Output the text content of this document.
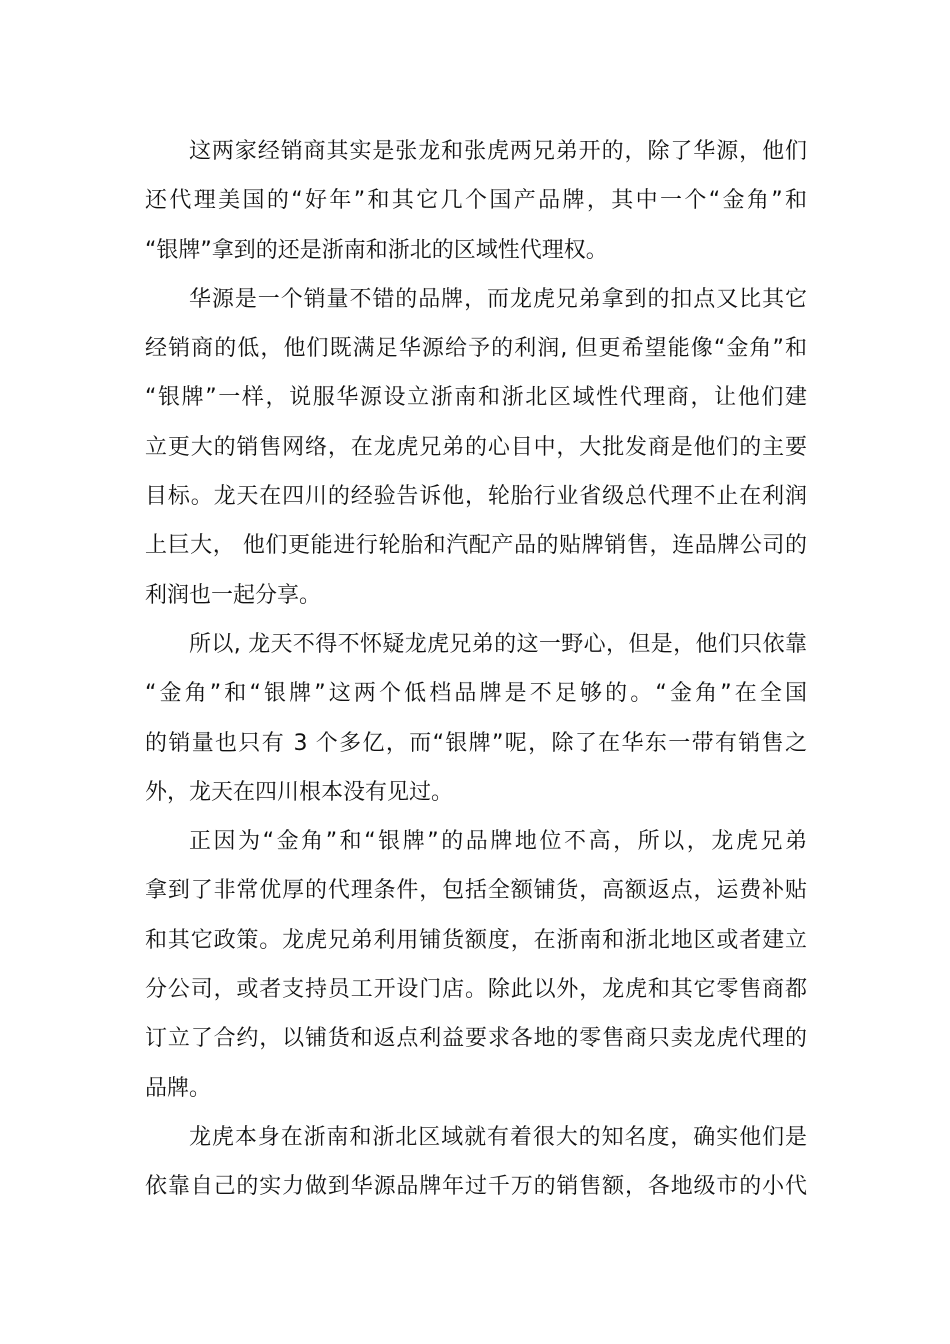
这两家经销商其实是张龙和张虎两兄弟开的，除了华源，他们
还代理美国的“好年”和其它几个国产品牌，其中一个“金角”和
“银牌”拿到的还是浙南和浙北的区域性代理权。
华源是一个销量不错的品牌，而龙虎兄弟拿到的扣点又比其它
经销商的低，他们既满足华源给予的利润, 但更希望能像“金角”和
“银牌”一样，说服华源设立浙南和浙北区域性代理商，让他们建
立更大的销售网络，在龙虎兄弟的心目中，大批发商是他们的主要
目标。龙天在四川的经验告诉他，轮胎行业省级总代理不止在利润
上巨大， 他们更能进行轮胎和汽配产品的贴牌销售，连品牌公司的
利润也一起分享。
所以, 龙天不得不怀疑龙虎兄弟的这一野心，但是，他们只依靠
“金角”和“银牌”这两个低档品牌是不足够的。“金角”在全国
的销量也只有 3 个多亿，而“银牌”呢，除了在华东一带有销售之
外，龙天在四川根本没有见过。
正因为“金角”和“银牌”的品牌地位不高，所以，龙虎兄弟
拿到了非常优厚的代理条件，包括全额铺货，高额返点，运费补贴
和其它政策。龙虎兄弟利用铺货额度，在浙南和浙北地区或者建立
分公司，或者支持员工开设门店。除此以外，龙虎和其它零售商都
订立了合约，以铺货和返点利益要求各地的零售商只卖龙虎代理的
品牌。
龙虎本身在浙南和浙北区域就有着很大的知名度，确实他们是
依靠自己的实力做到华源品牌年过千万的销售额，各地级市的小代
